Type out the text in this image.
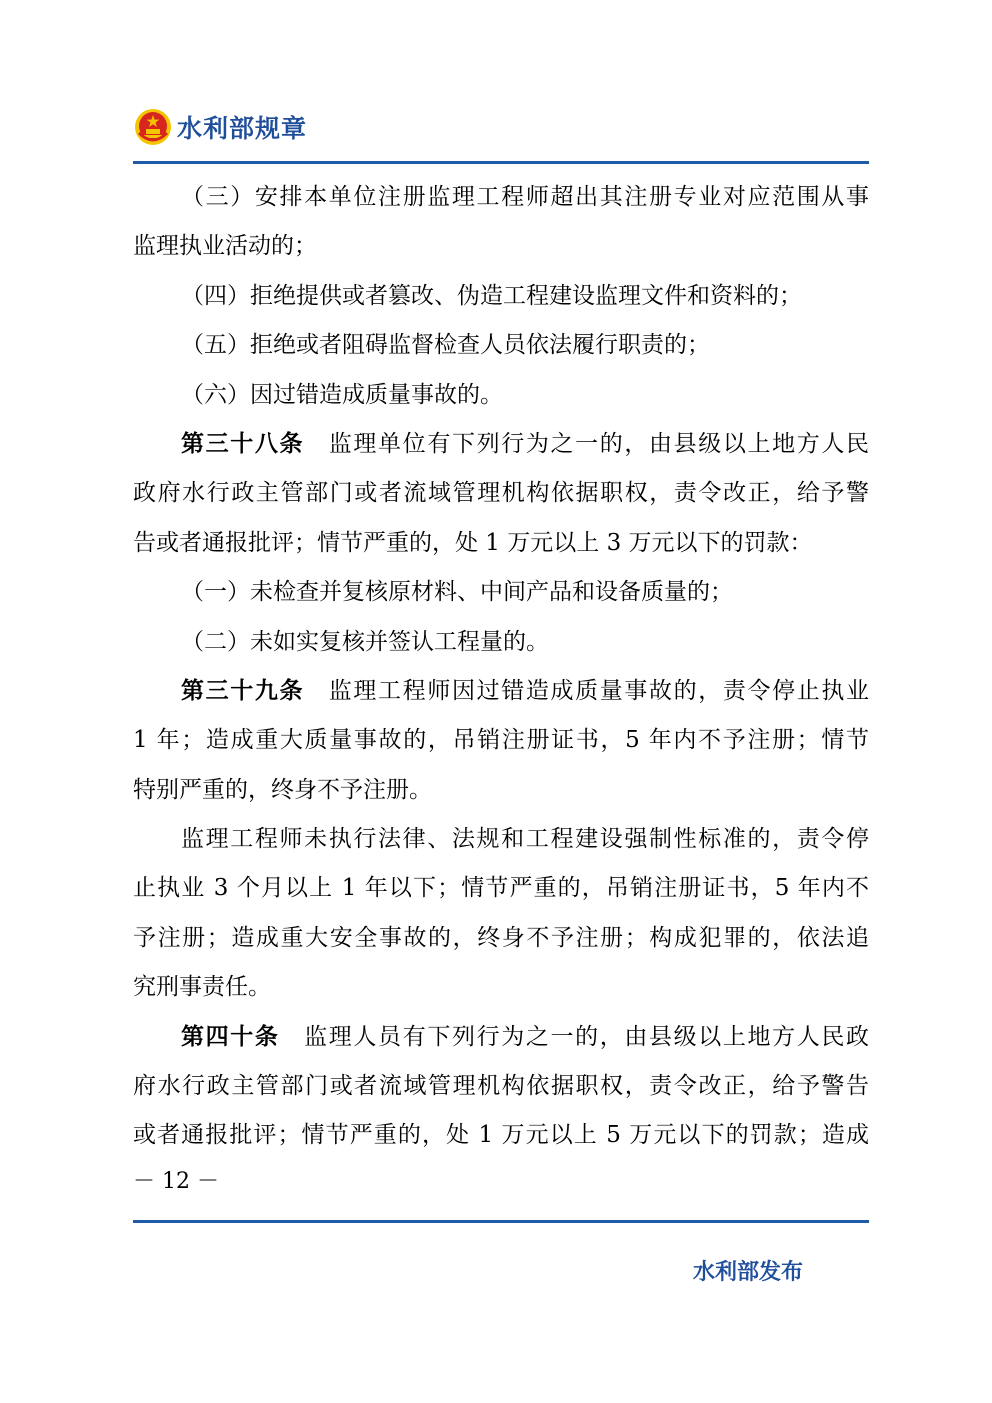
水利部规章
（三）安排本单位注册监理工程师超出其注册专业对应范围从事
监理执业活动的；
（四）拒绝提供或者篡改、伪造工程建设监理文件和资料的；
（五）拒绝或者阻碍监督检查人员依法履行职责的；
（六）因过错造成质量事故的。
第三十八条　 监理单位有下列行为之一的，由县级以上地方人民
政府水行政主管部门或者流域管理机构依据职权，责令改正，给予警
告或者通报批评；情节严重的，处 1 万元以上 3 万元以下的罚款：
（一）未检查并复核原材料、中间产品和设备质量的；
（二）未如实复核并签认工程量的。
第三十九条　 监理工程师因过错造成质量事故的，责令停止执业
1 年；造成重大质量事故的，吊销注册证书，5 年内不予注册；情节
特别严重的，终身不予注册。
监理工程师未执行法律、法规和工程建设强制性标准的，责令停
止执业 3 个月以上 1 年以下；情节严重的，吊销注册证书，5 年内不
予注册；造成重大安全事故的，终身不予注册；构成犯罪的，依法追
究刑事责任。
第四十条　 监理人员有下列行为之一的，由县级以上地方人民政
府水行政主管部门或者流域管理机构依据职权，责令改正，给予警告
或者通报批评；情节严重的，处 1 万元以上 5 万元以下的罚款；造成
－ 12 －
水利部发布
